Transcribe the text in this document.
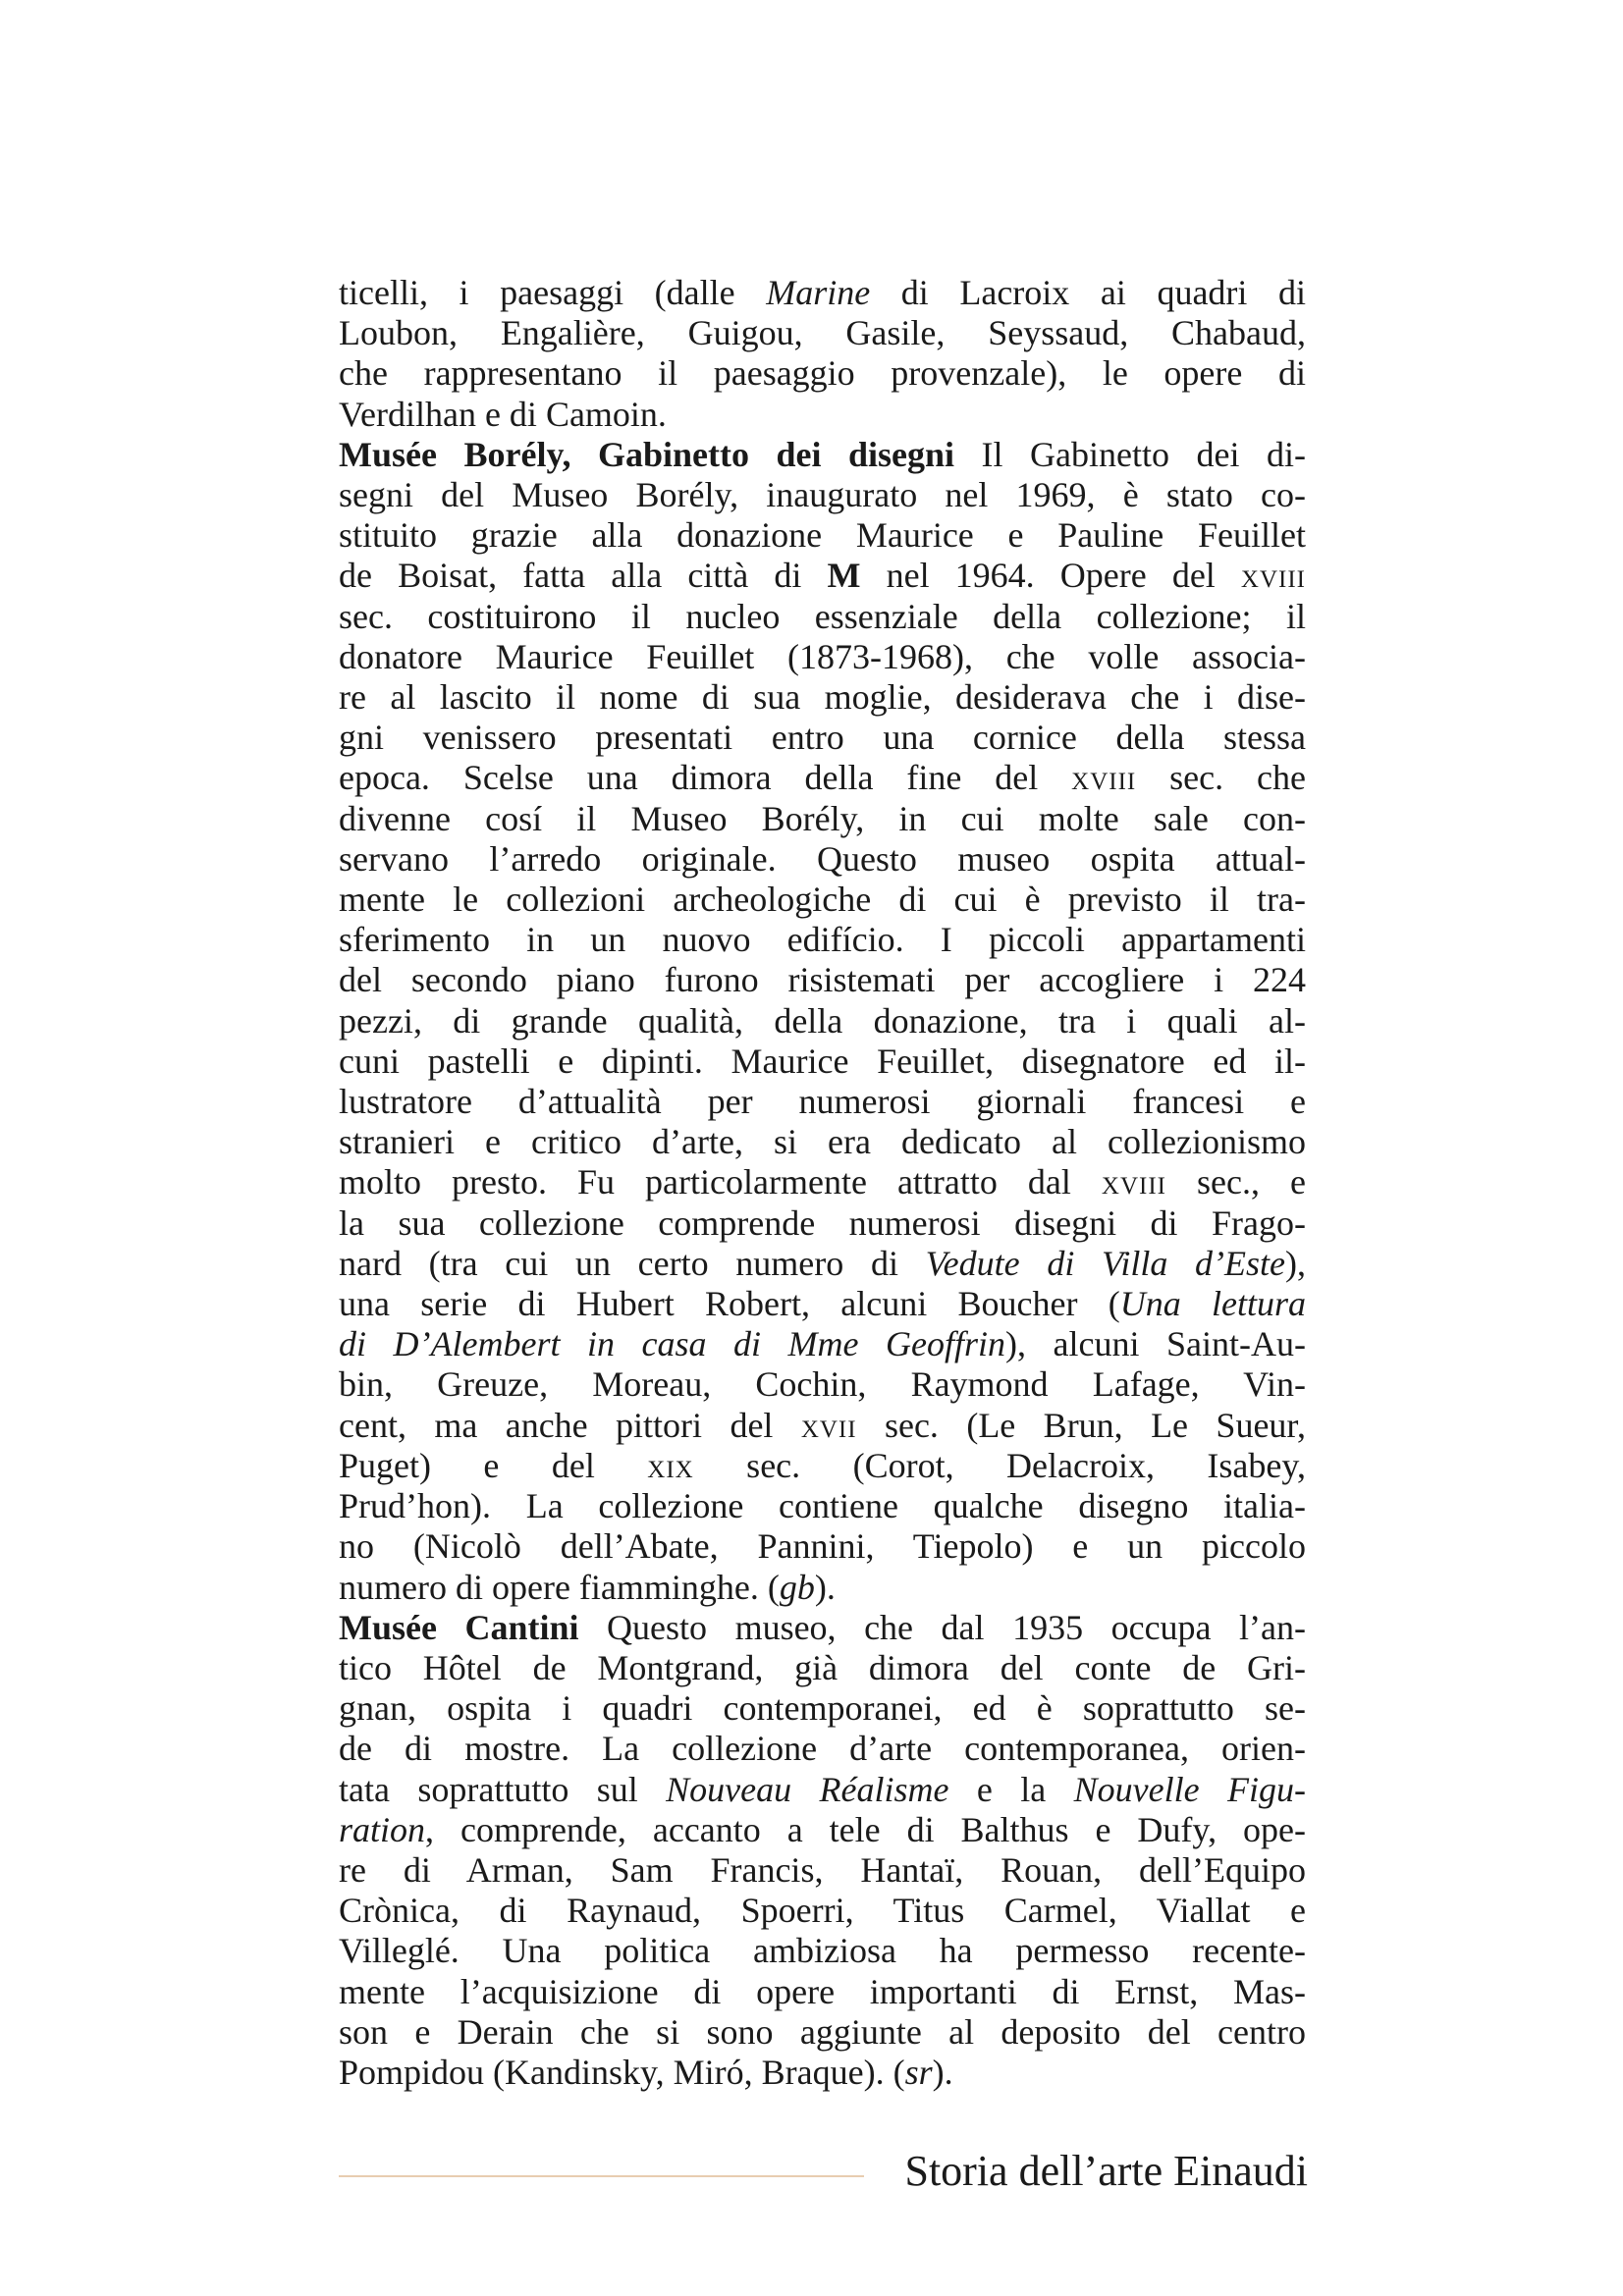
ticelli, i paesaggi (dalle Marine di Lacroix ai quadri di
Loubon, Engalière, Guigou, Gasile, Seyssaud, Chabaud,
che rappresentano il paesaggio provenzale), le opere di
Verdilhan e di Camoin.
Musée Borély, Gabinetto dei disegni Il Gabinetto dei di-
segni del Museo Borély, inaugurato nel 1969, è stato co-
stituito grazie alla donazione Maurice e Pauline Feuillet
de Boisat, fatta alla città di M nel 1964. Opere del xviii
sec. costituirono il nucleo essenziale della collezione; il
donatore Maurice Feuillet (1873-1968), che volle associa-
re al lascito il nome di sua moglie, desiderava che i dise-
gni venissero presentati entro una cornice della stessa
epoca. Scelse una dimora della fine del xviii sec. che
divenne cosí il Museo Borély, in cui molte sale con-
servano l’arredo originale. Questo museo ospita attual-
mente le collezioni archeologiche di cui è previsto il tra-
sferimento in un nuovo edifício. I piccoli appartamenti
del secondo piano furono risistemati per accogliere i 224
pezzi, di grande qualità, della donazione, tra i quali al-
cuni pastelli e dipinti. Maurice Feuillet, disegnatore ed il-
lustratore d’attualità per numerosi giornali francesi e
stranieri e critico d’arte, si era dedicato al collezionismo
molto presto. Fu particolarmente attratto dal xviii sec., e
la sua collezione comprende numerosi disegni di Frago-
nard (tra cui un certo numero di Vedute di Villa d’Este),
una serie di Hubert Robert, alcuni Boucher (Una lettura
di D’Alembert in casa di Mme Geoffrin), alcuni Saint-Au-
bin, Greuze, Moreau, Cochin, Raymond Lafage, Vin-
cent, ma anche pittori del xvii sec. (Le Brun, Le Sueur,
Puget) e del xix sec. (Corot, Delacroix, Isabey,
Prud’hon). La collezione contiene qualche disegno italia-
no (Nicolò dell’Abate, Pannini, Tiepolo) e un piccolo
numero di opere fiamminghe. (gb).
Musée Cantini Questo museo, che dal 1935 occupa l’an-
tico Hôtel de Montgrand, già dimora del conte de Gri-
gnan, ospita i quadri contemporanei, ed è soprattutto se-
de di mostre. La collezione d’arte contemporanea, orien-
tata soprattutto sul Nouveau Réalisme e la Nouvelle Figu-
ration, comprende, accanto a tele di Balthus e Dufy, ope-
re di Arman, Sam Francis, Hantaï, Rouan, dell’Equipo
Crònica, di Raynaud, Spoerri, Titus Carmel, Viallat e
Villeglé. Una politica ambiziosa ha permesso recente-
mente l’acquisizione di opere importanti di Ernst, Mas-
son e Derain che si sono aggiunte al deposito del centro
Pompidou (Kandinsky, Miró, Braque). (sr).
Storia dell’arte Einaudi
